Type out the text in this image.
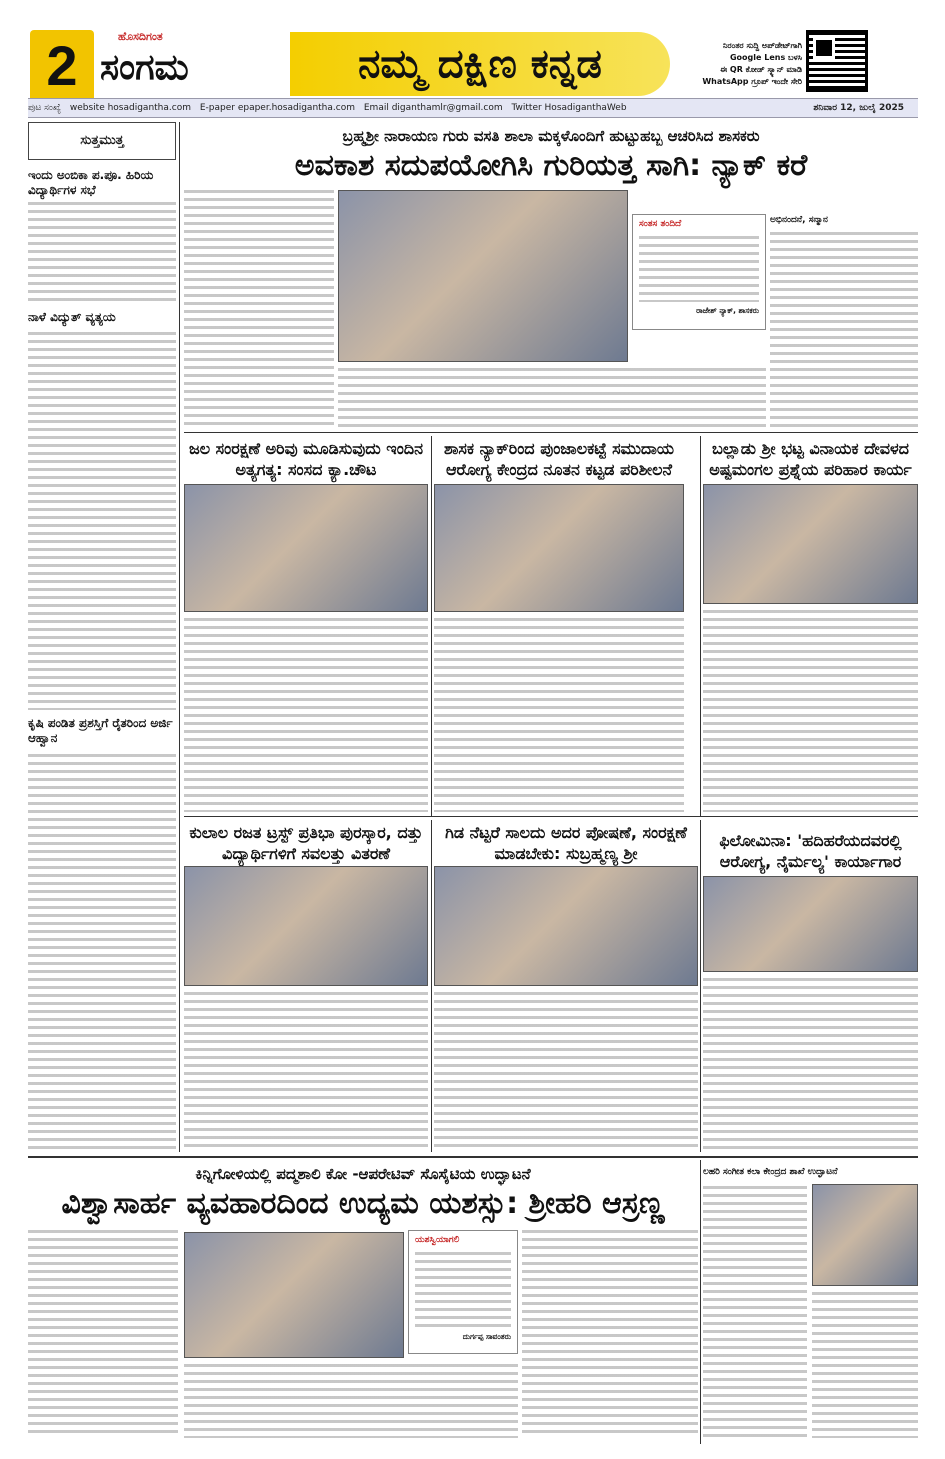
2	ಹೊಸದಿಗಂತ
ಸಂಗಮ	ನಮ್ಮ ದಕ್ಷಿಣ ಕನ್ನಡ	ನಿರಂತರ ಸುದ್ದಿ ಅಪ್‌ಡೇಟ್‌ಗಾಗಿ
Google Lens ಬಳಸಿ
ಈ QR ಕೋಡ್ ಸ್ಕ್ಯಾನ್ ಮಾಡಿ
WhatsApp ಗ್ರೂಪ್ ಇಂದೇ ಸೇರಿ
ಪುಟ ಸಂಖ್ಯೆ website hosadigantha.com E-paper epaper.hosadigantha.com Email diganthamlr@gmail.com Twitter HosadiganthaWeb	ಶನಿವಾರ 12, ಜುಲೈ 2025
ಸುತ್ತಮುತ್ತ
ಇಂದು ಅಂಬಿಕಾ ಪ.ಪೂ. ಹಿರಿಯ ವಿದ್ಯಾರ್ಥಿಗಳ ಸಭೆ
ನಾಳೆ ವಿದ್ಯುತ್ ವ್ಯತ್ಯಯ
ಕೃಷಿ ಪಂಡಿತ ಪ್ರಶಸ್ತಿಗೆ ರೈತರಿಂದ ಅರ್ಜಿ ಆಹ್ವಾನ
ಬ್ರಹ್ಮಶ್ರೀ ನಾರಾಯಣ ಗುರು ವಸತಿ ಶಾಲಾ ಮಕ್ಕಳೊಂದಿಗೆ ಹುಟ್ಟುಹಬ್ಬ ಆಚರಿಸಿದ ಶಾಸಕರು
ಅವಕಾಶ ಸದುಪಯೋಗಿಸಿ ಗುರಿಯತ್ತ ಸಾಗಿ: ನ್ಯಾಕ್ ಕರೆ
ಸಂತಸ ತಂದಿದೆ
ರಾಜೇಶ್ ನ್ಯಾಕ್, ಶಾಸಕರು
ಅಭಿನಂದನೆ, ಸನ್ಮಾನ
ಜಲ ಸಂರಕ್ಷಣೆ ಅರಿವು ಮೂಡಿಸುವುದು ಇಂದಿನ ಅತ್ಯಗತ್ಯ: ಸಂಸದ ಕ್ಯಾ.ಚೌಟ
ಶಾಸಕ ನ್ಯಾಕ್‌ರಿಂದ ಪುಂಜಾಲಕಟ್ಟೆ ಸಮುದಾಯ ಆರೋಗ್ಯ ಕೇಂದ್ರದ ನೂತನ ಕಟ್ಟಡ ಪರಿಶೀಲನೆ
ಬಲ್ಲಾಡು ಶ್ರೀ ಭಟ್ಟ ವಿನಾಯಕ ದೇವಳದ ಅಷ್ಟಮಂಗಲ ಪ್ರಶ್ನೆಯ ಪರಿಹಾರ ಕಾರ್ಯ
ಕುಲಾಲ ರಜತ ಟ್ರಸ್ಟ್ ಪ್ರತಿಭಾ ಪುರಸ್ಕಾರ, ದತ್ತು ವಿದ್ಯಾರ್ಥಿಗಳಿಗೆ ಸವಲತ್ತು ವಿತರಣೆ
ಗಿಡ ನೆಟ್ಟರೆ ಸಾಲದು ಅದರ ಪೋಷಣೆ, ಸಂರಕ್ಷಣೆ ಮಾಡಬೇಕು: ಸುಬ್ರಹ್ಮಣ್ಯ ಶ್ರೀ
ಫಿಲೋಮಿನಾ: 'ಹದಿಹರೆಯದವರಲ್ಲಿ ಆರೋಗ್ಯ, ನೈರ್ಮಲ್ಯ' ಕಾರ್ಯಾಗಾರ
ಕಿನ್ನಿಗೋಳಿಯಲ್ಲಿ ಪದ್ಮಶಾಲಿ ಕೋ -ಆಪರೇಟಿವ್ ಸೊಸೈಟಿಯ ಉದ್ಘಾಟನೆ
ವಿಶ್ವಾಸಾರ್ಹ ವ್ಯವಹಾರದಿಂದ ಉದ್ಯಮ ಯಶಸ್ಸು: ಶ್ರೀಹರಿ ಆಸ್ರಣ್ಣ
ಯಶಸ್ವಿಯಾಗಲಿ
ದುರ್ಗಪ್ಪ ಸಾವಂತರು
ಲಹರಿ ಸಂಗೀತ ಕಲಾ ಕೇಂದ್ರದ ಶಾಖೆ ಉದ್ಘಾಟನೆ
